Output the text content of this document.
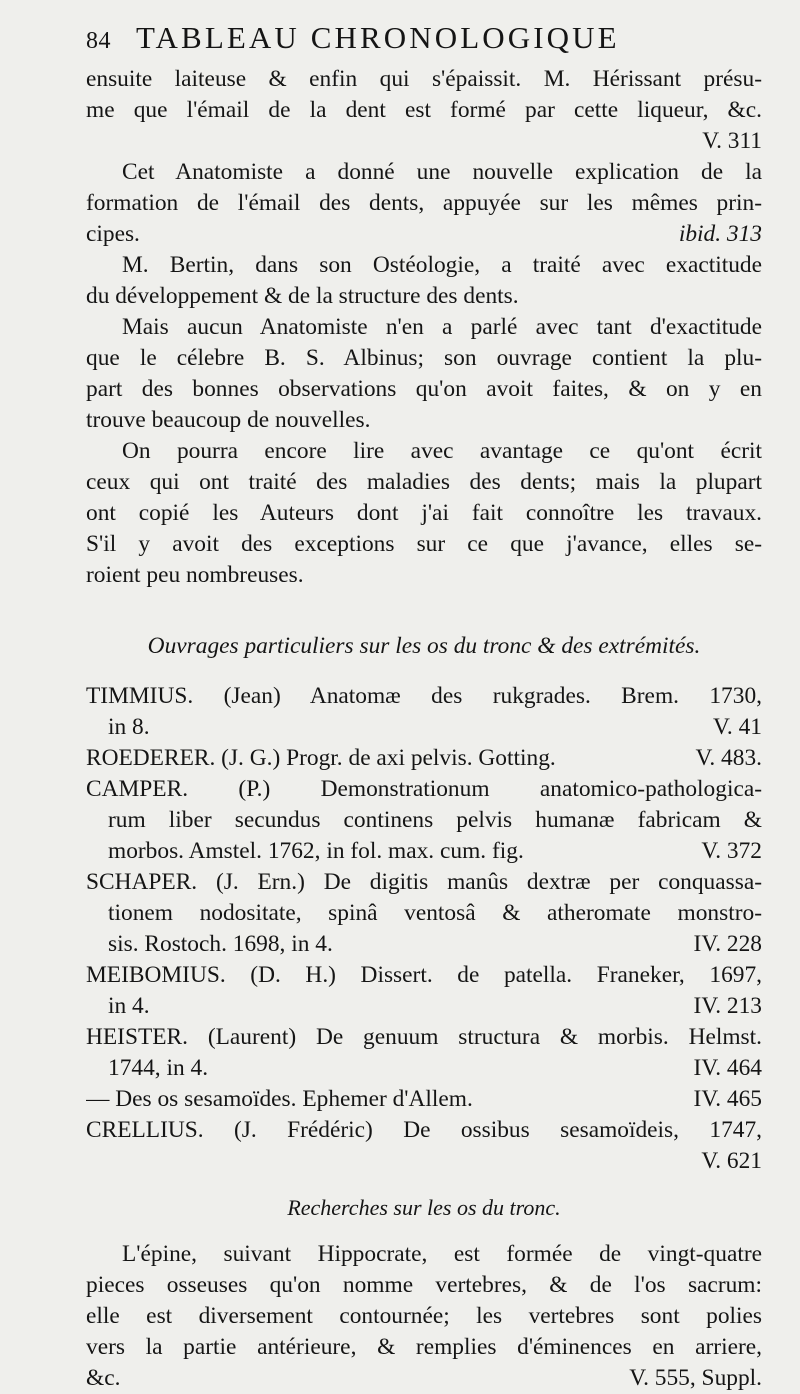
84 TABLEAU CHRONOLOGIQUE
ensuite laiteuse & enfin qui s'épaissit. M. Hérissant présu-
me que l'émail de la dent est formé par cette liqueur, &c.
V. 311
Cet Anatomiste a donné une nouvelle explication de la
formation de l'émail des dents, appuyée sur les mêmes prin-
ibid. 313
cipes.
M. Bertin, dans son Ostéologie, a traité avec exactitude
du développement & de la structure des dents.
Mais aucun Anatomiste n'en a parlé avec tant d'exactitude
que le célebre B. S. Albinus; son ouvrage contient la plu-
part des bonnes observations qu'on avoit faites, & on y en
trouve beaucoup de nouvelles.
On pourra encore lire avec avantage ce qu'ont écrit
ceux qui ont traité des maladies des dents; mais la plupart
ont copié les Auteurs dont j'ai fait connoître les travaux.
S'il y avoit des exceptions sur ce que j'avance, elles se-
roient peu nombreuses.
Ouvrages particuliers sur les os du tronc & des extrémités.
TIMMIUS. (Jean) Anatomæ des rukgrades. Brem. 1730,
V. 41
in 8.
V. 483.
ROEDERER. (J. G.) Progr. de axi pelvis. Gotting.
CAMPER. (P.) Demonstrationum anatomico-pathologica-
rum liber secundus continens pelvis humanæ fabricam &
V. 372
morbos. Amstel. 1762, in fol. max. cum. fig.
SCHAPER. (J. Ern.) De digitis manûs dextræ per conquassa-
tionem nodositate, spinâ ventosâ & atheromate monstro-
IV. 228
sis. Rostoch. 1698, in 4.
MEIBOMIUS. (D. H.) Dissert. de patella. Franeker, 1697,
IV. 213
in 4.
HEISTER. (Laurent) De genuum structura & morbis. Helmst.
IV. 464
1744, in 4.
IV. 465
— Des os sesamoïdes. Ephemer d'Allem.
CRELLIUS. (J. Frédéric) De ossibus sesamoïdeis, 1747,
V. 621
Recherches sur les os du tronc.
L'épine, suivant Hippocrate, est formée de vingt-quatre
pieces osseuses qu'on nomme vertebres, & de l'os sacrum:
elle est diversement contournée; les vertebres sont polies
vers la partie antérieure, & remplies d'éminences en arriere,
V. 555, Suppl.
&c.
